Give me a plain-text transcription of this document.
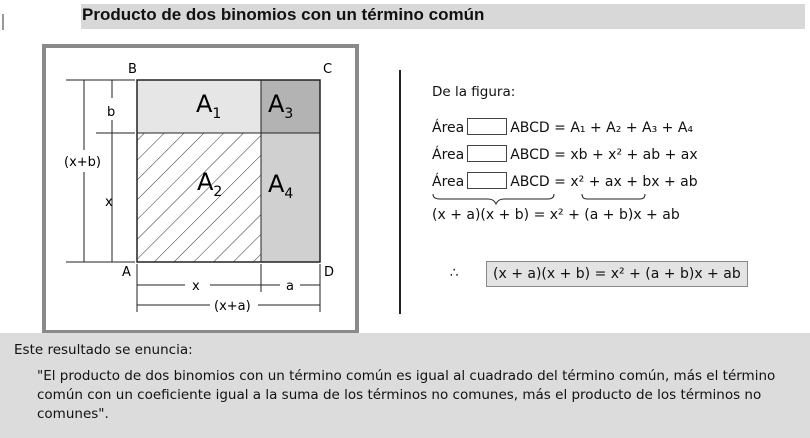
Producto de dos binomios con un término común
$A_1$ $A_3$
$A_2$ $A_4$
B	C
A	D
b
x
(x+b)
x	a
(x+a)
De la figura:
Área	ABCD = A₁ + A₂ + A₃ + A₄
Área	ABCD = xb + x² + ab + ax
Área	ABCD = x² + ax + bx + ab
(x + a)(x + b) = x² + (a + b)x + ab
∴	(x + a)(x + b) = x² + (a + b)x + ab
Este resultado se enuncia:
"El producto de dos binomios con un término común es igual al cuadrado del término común, más el término común con un coeficiente igual a la suma de los términos no comunes, más el producto de los términos no comunes".
